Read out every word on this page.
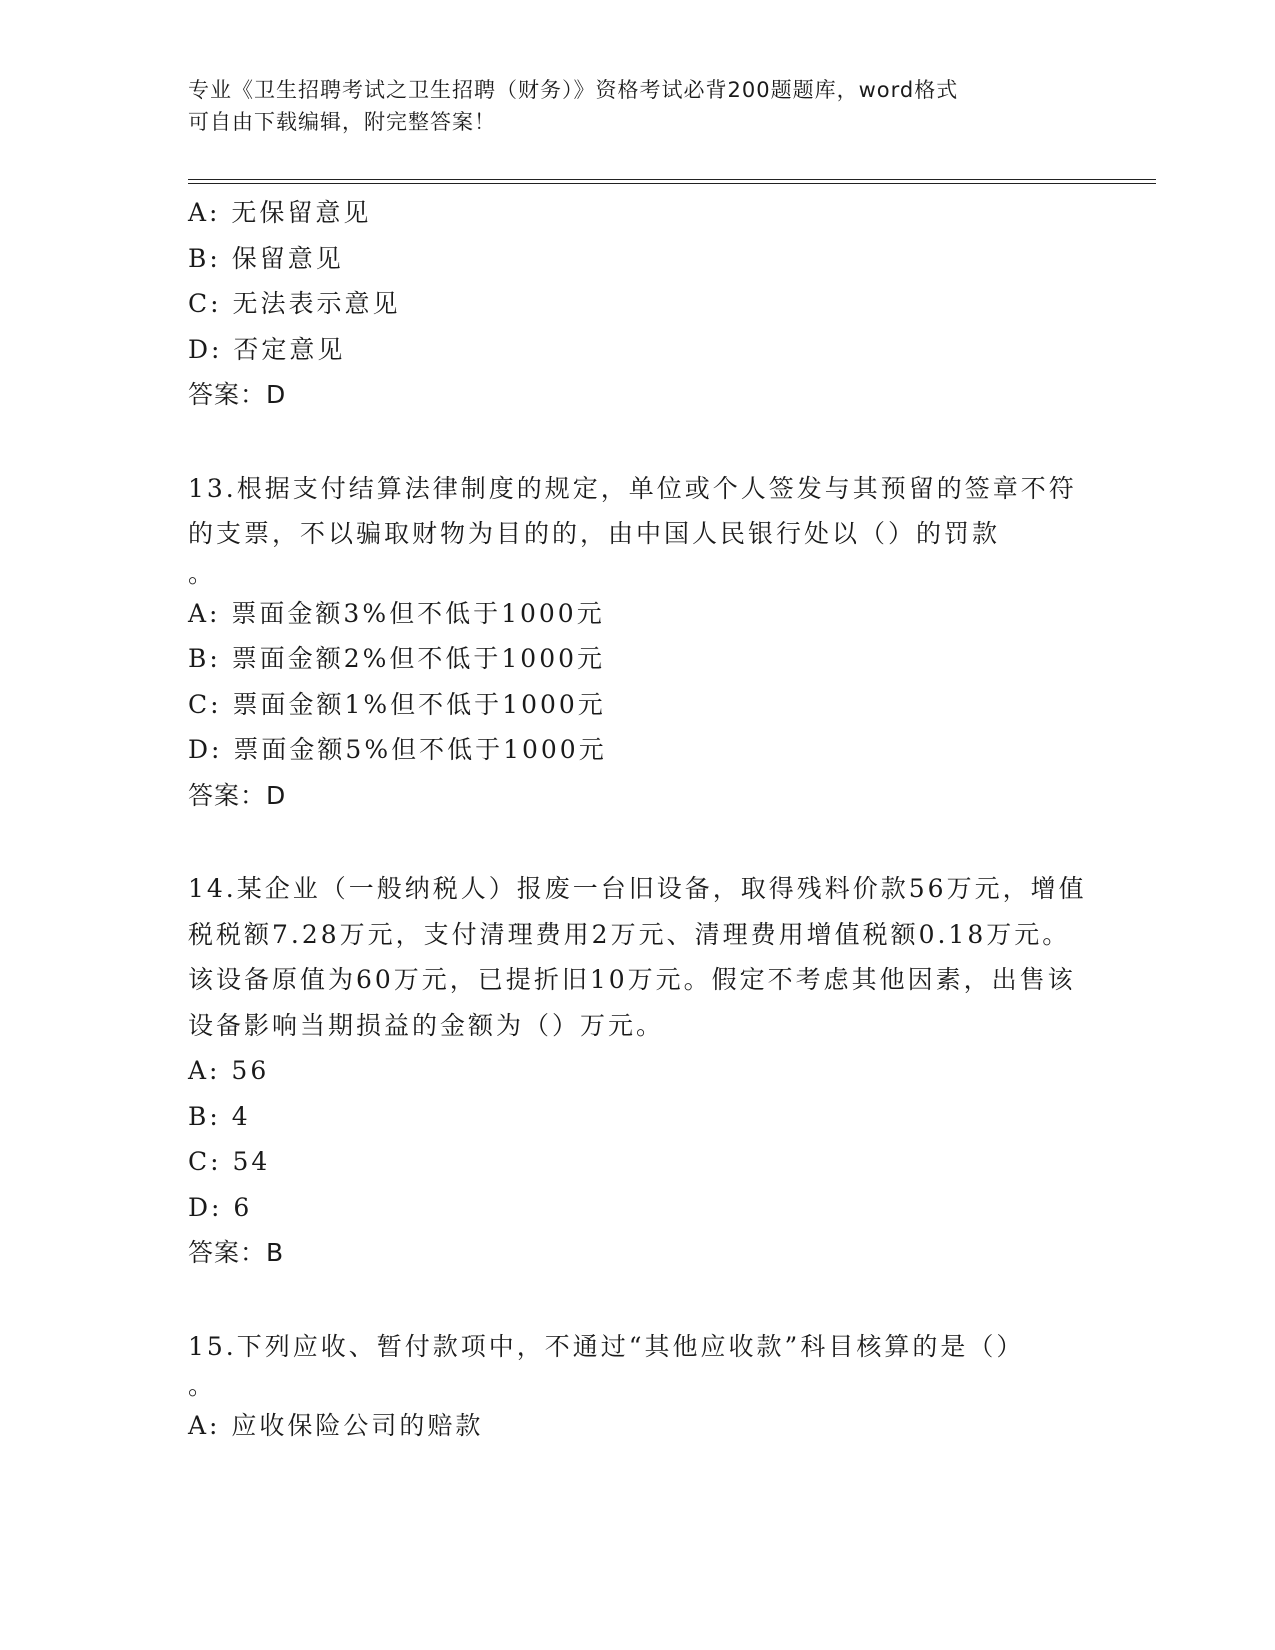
专业《卫生招聘考试之卫生招聘（财务）》资格考试必背200题题库，word格式
可自由下载编辑，附完整答案！
A: 无保留意见
B: 保留意见
C: 无法表示意见
D: 否定意见
答案：D

13.根据支付结算法律制度的规定，单位或个人签发与其预留的签章不符的支票，不以骗取财物为目的的，由中国人民银行处以（）的罚款

。
A: 票面金额3%但不低于1000元
B: 票面金额2%但不低于1000元
C: 票面金额1%但不低于1000元
D: 票面金额5%但不低于1000元
答案：D

14.某企业（一般纳税人）报废一台旧设备，取得残料价款56万元，增值税税额7.28万元，支付清理费用2万元、清理费用增值税额0.18万元。该设备原值为60万元，已提折旧10万元。假定不考虑其他因素，出售该设备影响当期损益的金额为（）万元。

A: 56
B: 4
C: 54
D: 6
答案：B

15.下列应收、暂付款项中，不通过“其他应收款”科目核算的是（）

。
A: 应收保险公司的赔款
